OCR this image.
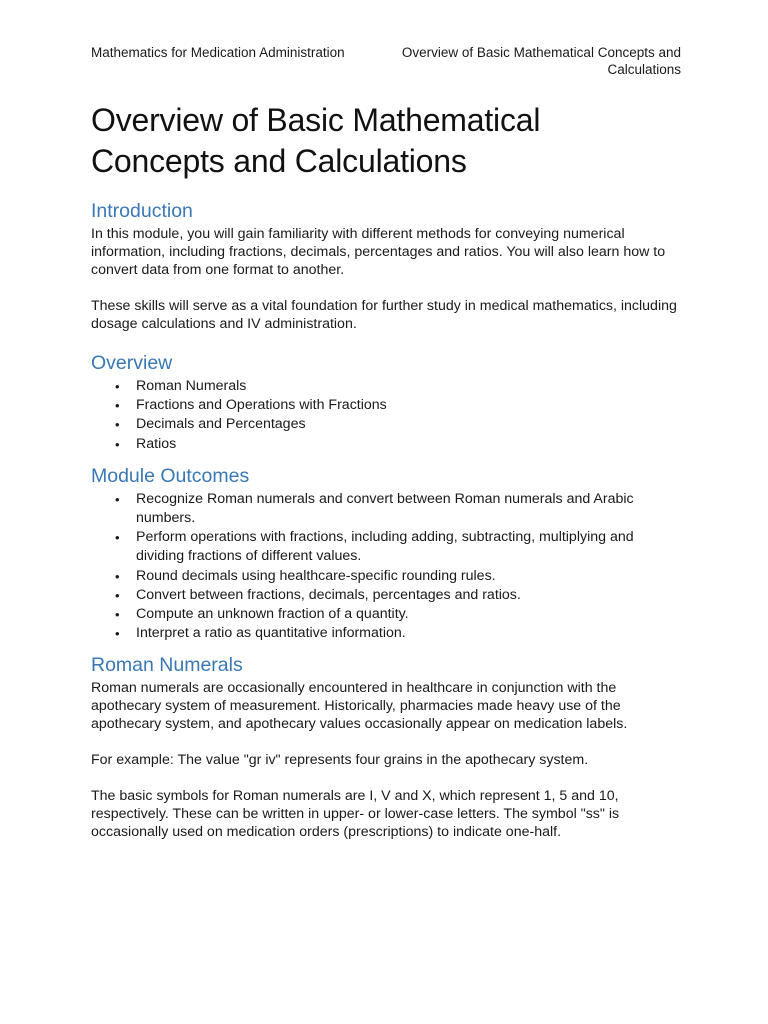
Mathematics for Medication Administration	Overview of Basic Mathematical Concepts and Calculations
Overview of Basic Mathematical Concepts and Calculations
Introduction

In this module, you will gain familiarity with different methods for conveying numerical information, including fractions, decimals, percentages and ratios. You will also learn how to convert data from one format to another.

These skills will serve as a vital foundation for further study in medical mathematics, including dosage calculations and IV administration.

Overview
• Roman Numerals
• Fractions and Operations with Fractions
• Decimals and Percentages
• Ratios
Module Outcomes
• Recognize Roman numerals and convert between Roman numerals and Arabic numbers.
• Perform operations with fractions, including adding, subtracting, multiplying and dividing fractions of different values.
• Round decimals using healthcare-specific rounding rules.
• Convert between fractions, decimals, percentages and ratios.
• Compute an unknown fraction of a quantity.
• Interpret a ratio as quantitative information.
Roman Numerals

Roman numerals are occasionally encountered in healthcare in conjunction with the apothecary system of measurement. Historically, pharmacies made heavy use of the apothecary system, and apothecary values occasionally appear on medication labels.

For example: The value "gr iv" represents four grains in the apothecary system.

The basic symbols for Roman numerals are I, V and X, which represent 1, 5 and 10, respectively. These can be written in upper- or lower-case letters. The symbol "ss" is occasionally used on medication orders (prescriptions) to indicate one-half.
